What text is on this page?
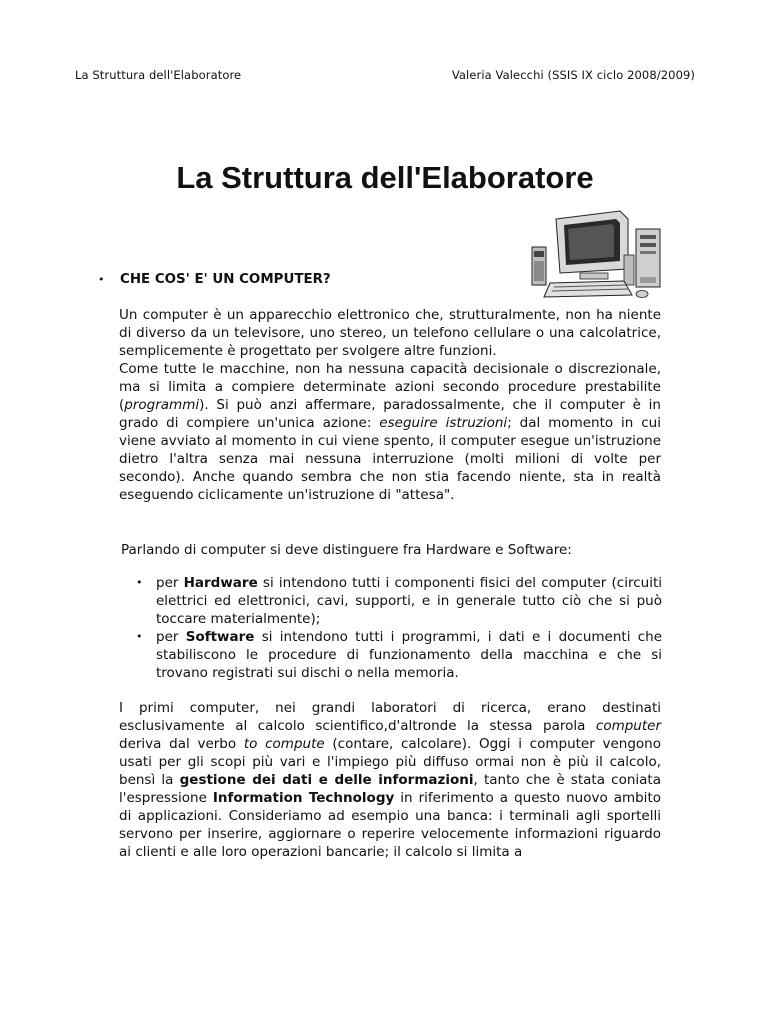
La Struttura dell'Elaboratore	Valeria Valecchi (SSIS IX ciclo 2008/2009)
La Struttura dell'Elaboratore
•	CHE COS' E' UN COMPUTER?

Un computer è un apparecchio elettronico che, strutturalmente, non ha niente di diverso da un televisore, uno stereo, un telefono cellulare o una calcolatrice, semplicemente è progettato per svolgere altre funzioni.

Come tutte le macchine, non ha nessuna capacità decisionale o discrezionale, ma si limita a compiere determinate azioni secondo procedure prestabilite (programmi). Si può anzi affermare, paradossalmente, che il computer è in grado di compiere un'unica azione: eseguire istruzioni; dal momento in cui viene avviato al momento in cui viene spento, il computer esegue un'istruzione dietro l'altra senza mai nessuna interruzione (molti milioni di volte per secondo). Anche quando sembra che non stia facendo niente, sta in realtà eseguendo ciclicamente un'istruzione di "attesa".

Parlando di computer si deve distinguere fra Hardware e Software:

• per Hardware si intendono tutti i componenti fisici del computer (circuiti elettrici ed elettronici, cavi, supporti, e in generale tutto ciò che si può toccare materialmente);
• per Software si intendono tutti i programmi, i dati e i documenti che stabiliscono le procedure di funzionamento della macchina e che si trovano registrati sui dischi o nella memoria.

I primi computer, nei grandi laboratori di ricerca, erano destinati esclusivamente al calcolo scientifico,d'altronde la stessa parola computer deriva dal verbo to compute (contare, calcolare). Oggi i computer vengono usati per gli scopi più vari e l'impiego più diffuso ormai non è più il calcolo, bensì la gestione dei dati e delle informazioni, tanto che è stata coniata l'espressione Information Technology in riferimento a questo nuovo ambito di applicazioni. Consideriamo ad esempio una banca: i terminali agli sportelli servono per inserire, aggiornare o reperire velocemente informazioni riguardo ai clienti e alle loro operazioni bancarie; il calcolo si limita a
